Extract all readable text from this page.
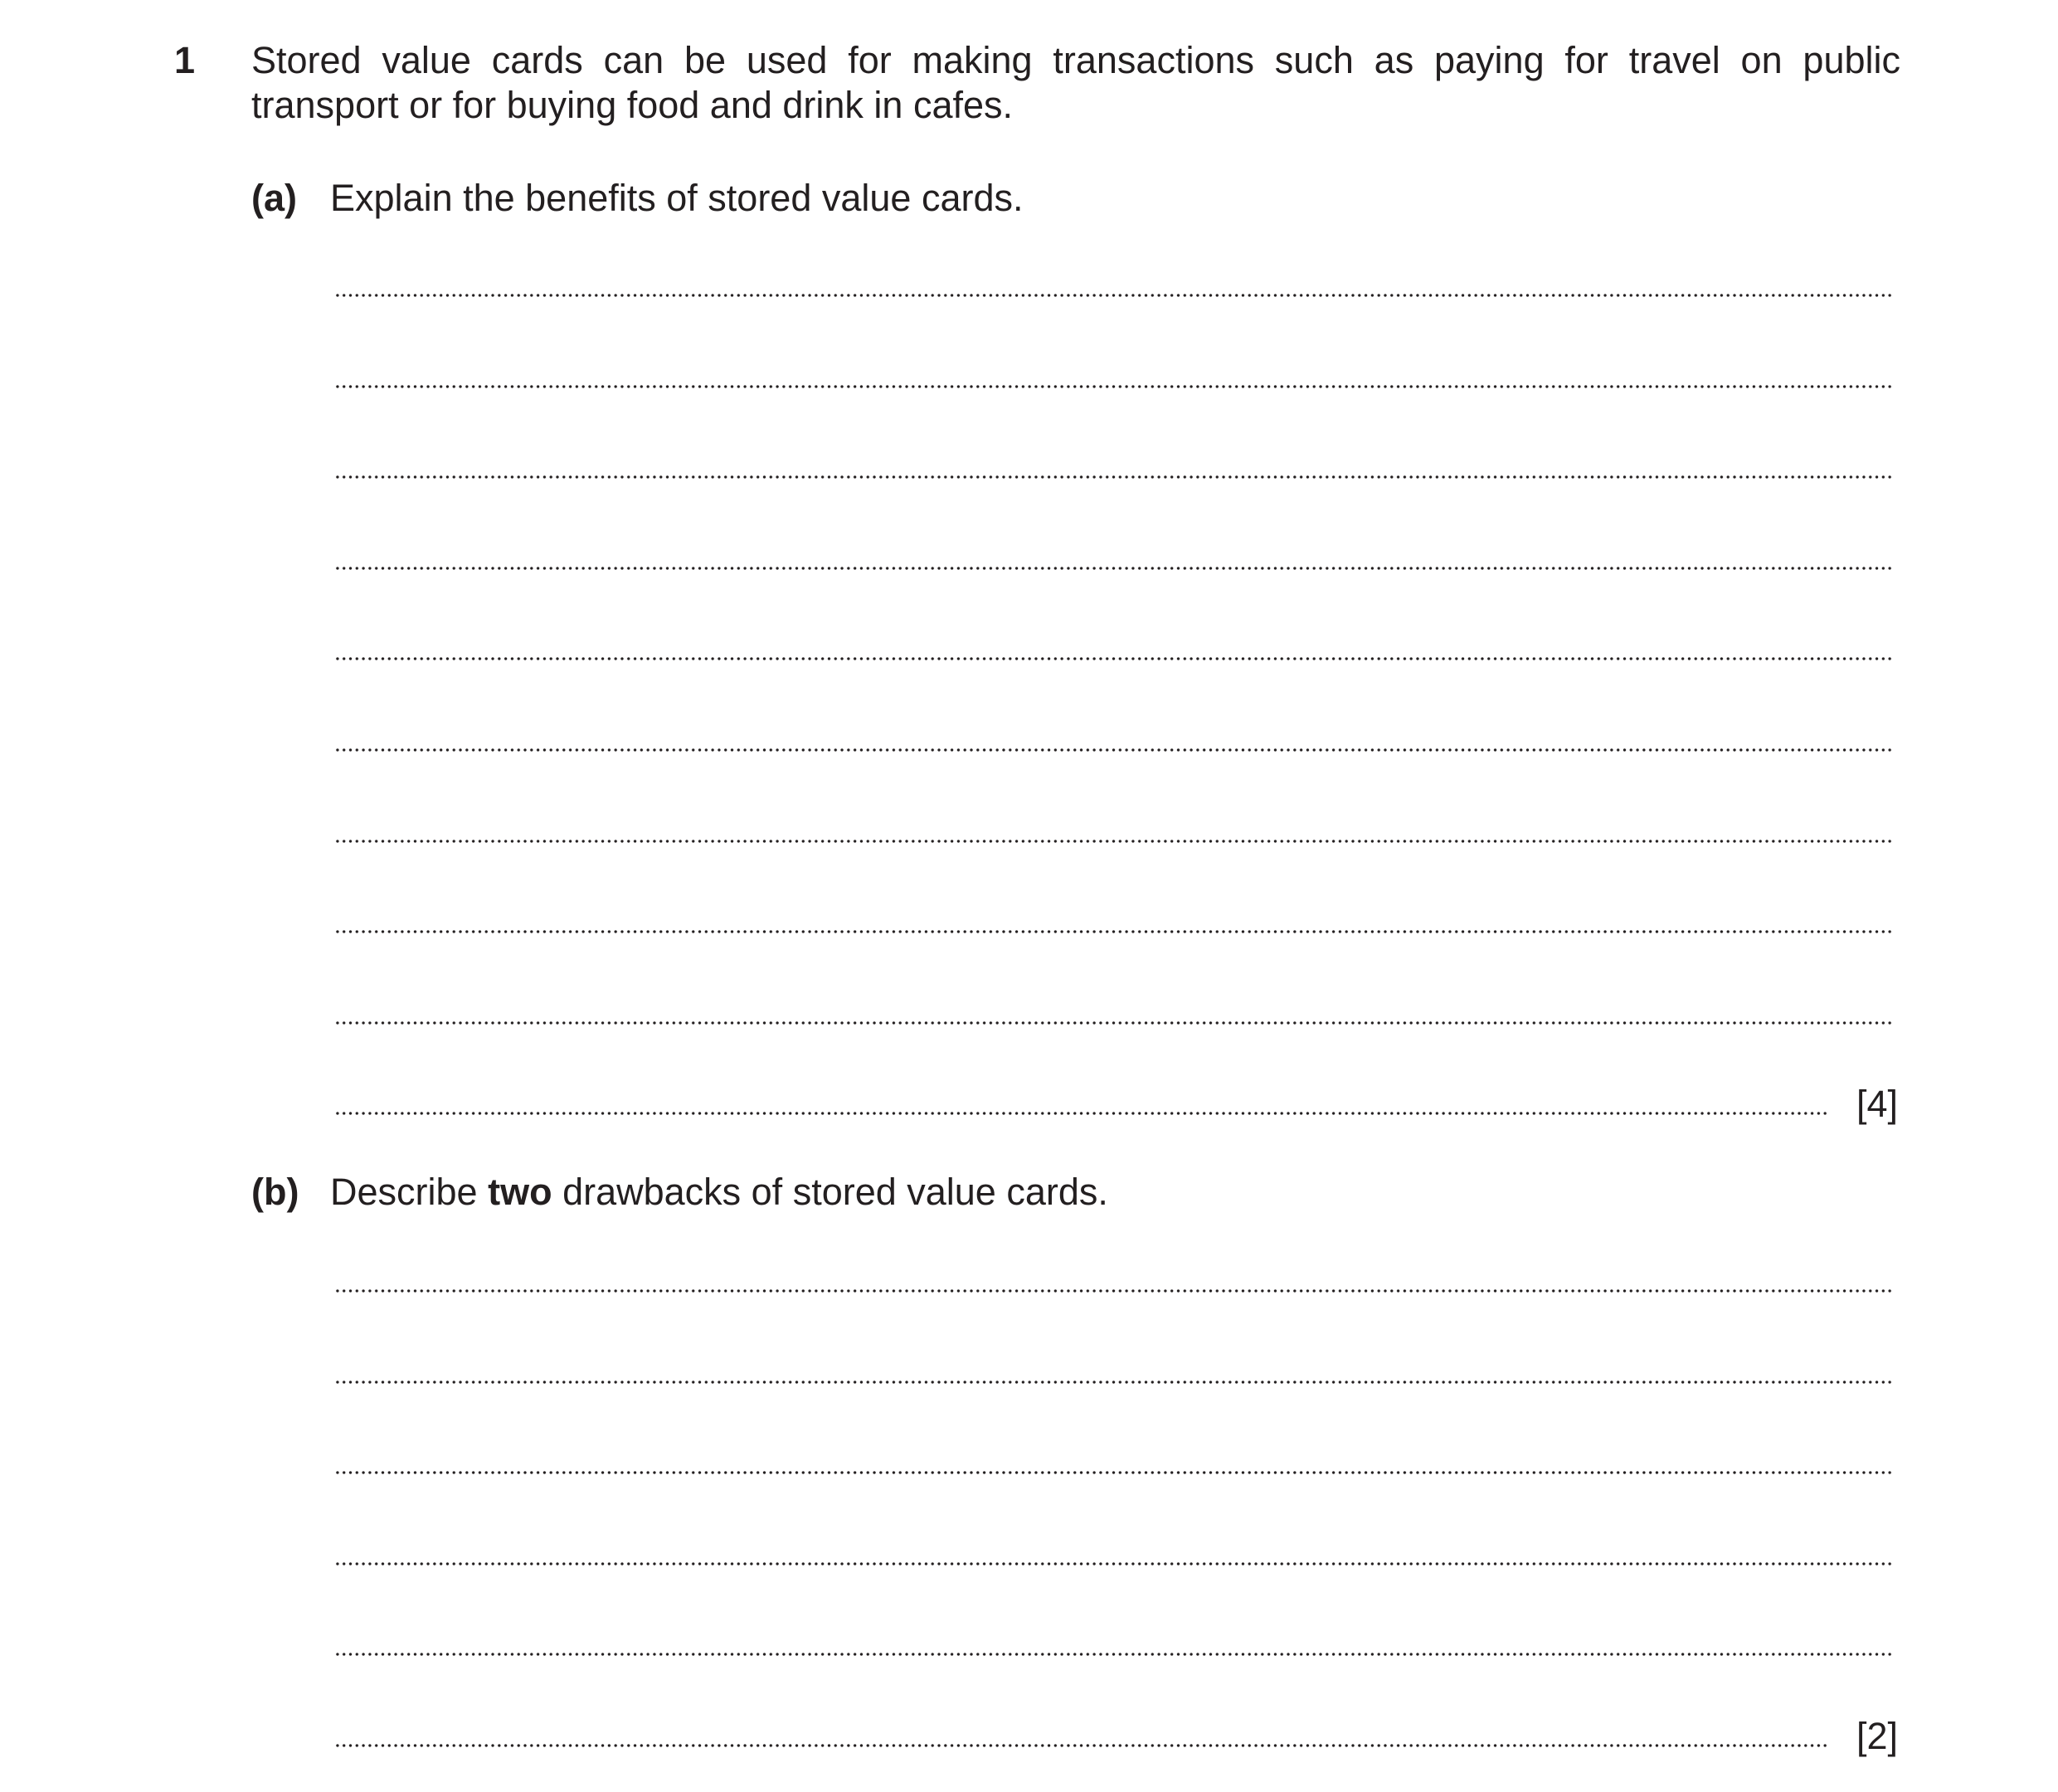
1 Stored value cards can be used for making transactions such as paying for travel on public transport or for buying food and drink in cafes.
(a) Explain the benefits of stored value cards.
[4]
(b) Describe two drawbacks of stored value cards.
[2]
